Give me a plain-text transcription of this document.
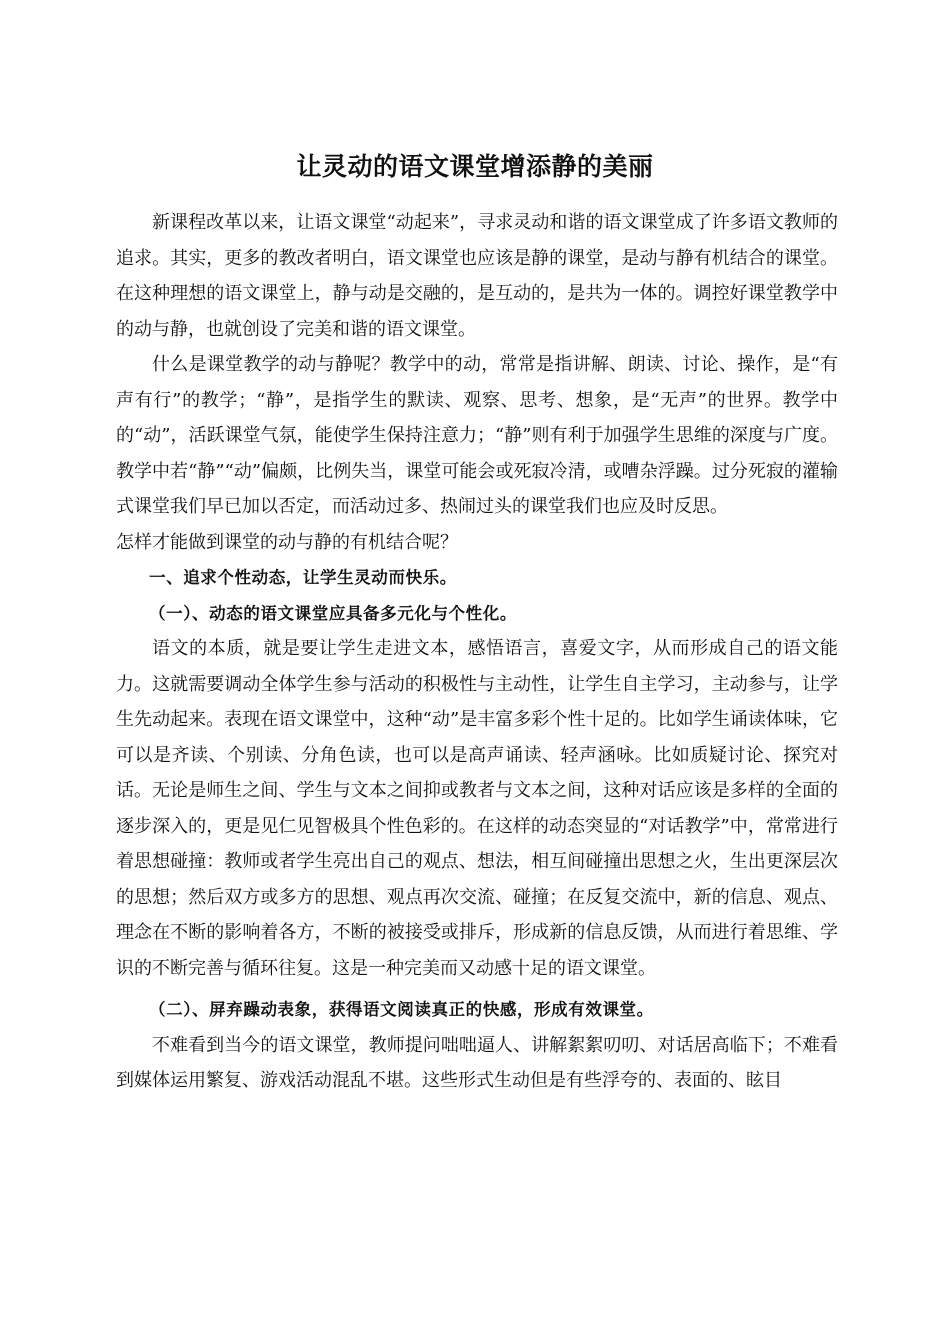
让灵动的语文课堂增添静的美丽

新课程改革以来，让语文课堂“动起来”，寻求灵动和谐的语文课堂成了许多语文教师的追求。其实，更多的教改者明白，语文课堂也应该是静的课堂，是动与静有机结合的课堂。在这种理想的语文课堂上，静与动是交融的，是互动的，是共为一体的。调控好课堂教学中的动与静，也就创设了完美和谐的语文课堂。

什么是课堂教学的动与静呢？教学中的动，常常是指讲解、朗读、讨论、操作，是“有声有行”的教学；“静”，是指学生的默读、观察、思考、想象，是“无声”的世界。教学中的“动”，活跃课堂气氛，能使学生保持注意力；“静”则有利于加强学生思维的深度与广度。教学中若“静”“动”偏颇，比例失当，课堂可能会或死寂冷清，或嘈杂浮躁。过分死寂的灌输式课堂我们早已加以否定，而活动过多、热闹过头的课堂我们也应及时反思。

怎样才能做到课堂的动与静的有机结合呢？

一、追求个性动态，让学生灵动而快乐。

（一）、动态的语文课堂应具备多元化与个性化。

语文的本质，就是要让学生走进文本，感悟语言，喜爱文字，从而形成自己的语文能力。这就需要调动全体学生参与活动的积极性与主动性，让学生自主学习，主动参与，让学生先动起来。表现在语文课堂中，这种“动”是丰富多彩个性十足的。比如学生诵读体味，它可以是齐读、个别读、分角色读，也可以是高声诵读、轻声涵咏。比如质疑讨论、探究对话。无论是师生之间、学生与文本之间抑或教者与文本之间，这种对话应该是多样的全面的逐步深入的，更是见仁见智极具个性色彩的。在这样的动态突显的“对话教学”中，常常进行着思想碰撞：教师或者学生亮出自己的观点、想法，相互间碰撞出思想之火，生出更深层次的思想；然后双方或多方的思想、观点再次交流、碰撞；在反复交流中，新的信息、观点、理念在不断的影响着各方，不断的被接受或排斥，形成新的信息反馈，从而进行着思维、学识的不断完善与循环往复。这是一种完美而又动感十足的语文课堂。

（二）、屏弃躁动表象，获得语文阅读真正的快感，形成有效课堂。

不难看到当今的语文课堂，教师提问咄咄逼人、讲解絮絮叨叨、对话居高临下；不难看到媒体运用繁复、游戏活动混乱不堪。这些形式生动但是有些浮夸的、表面的、眩目
